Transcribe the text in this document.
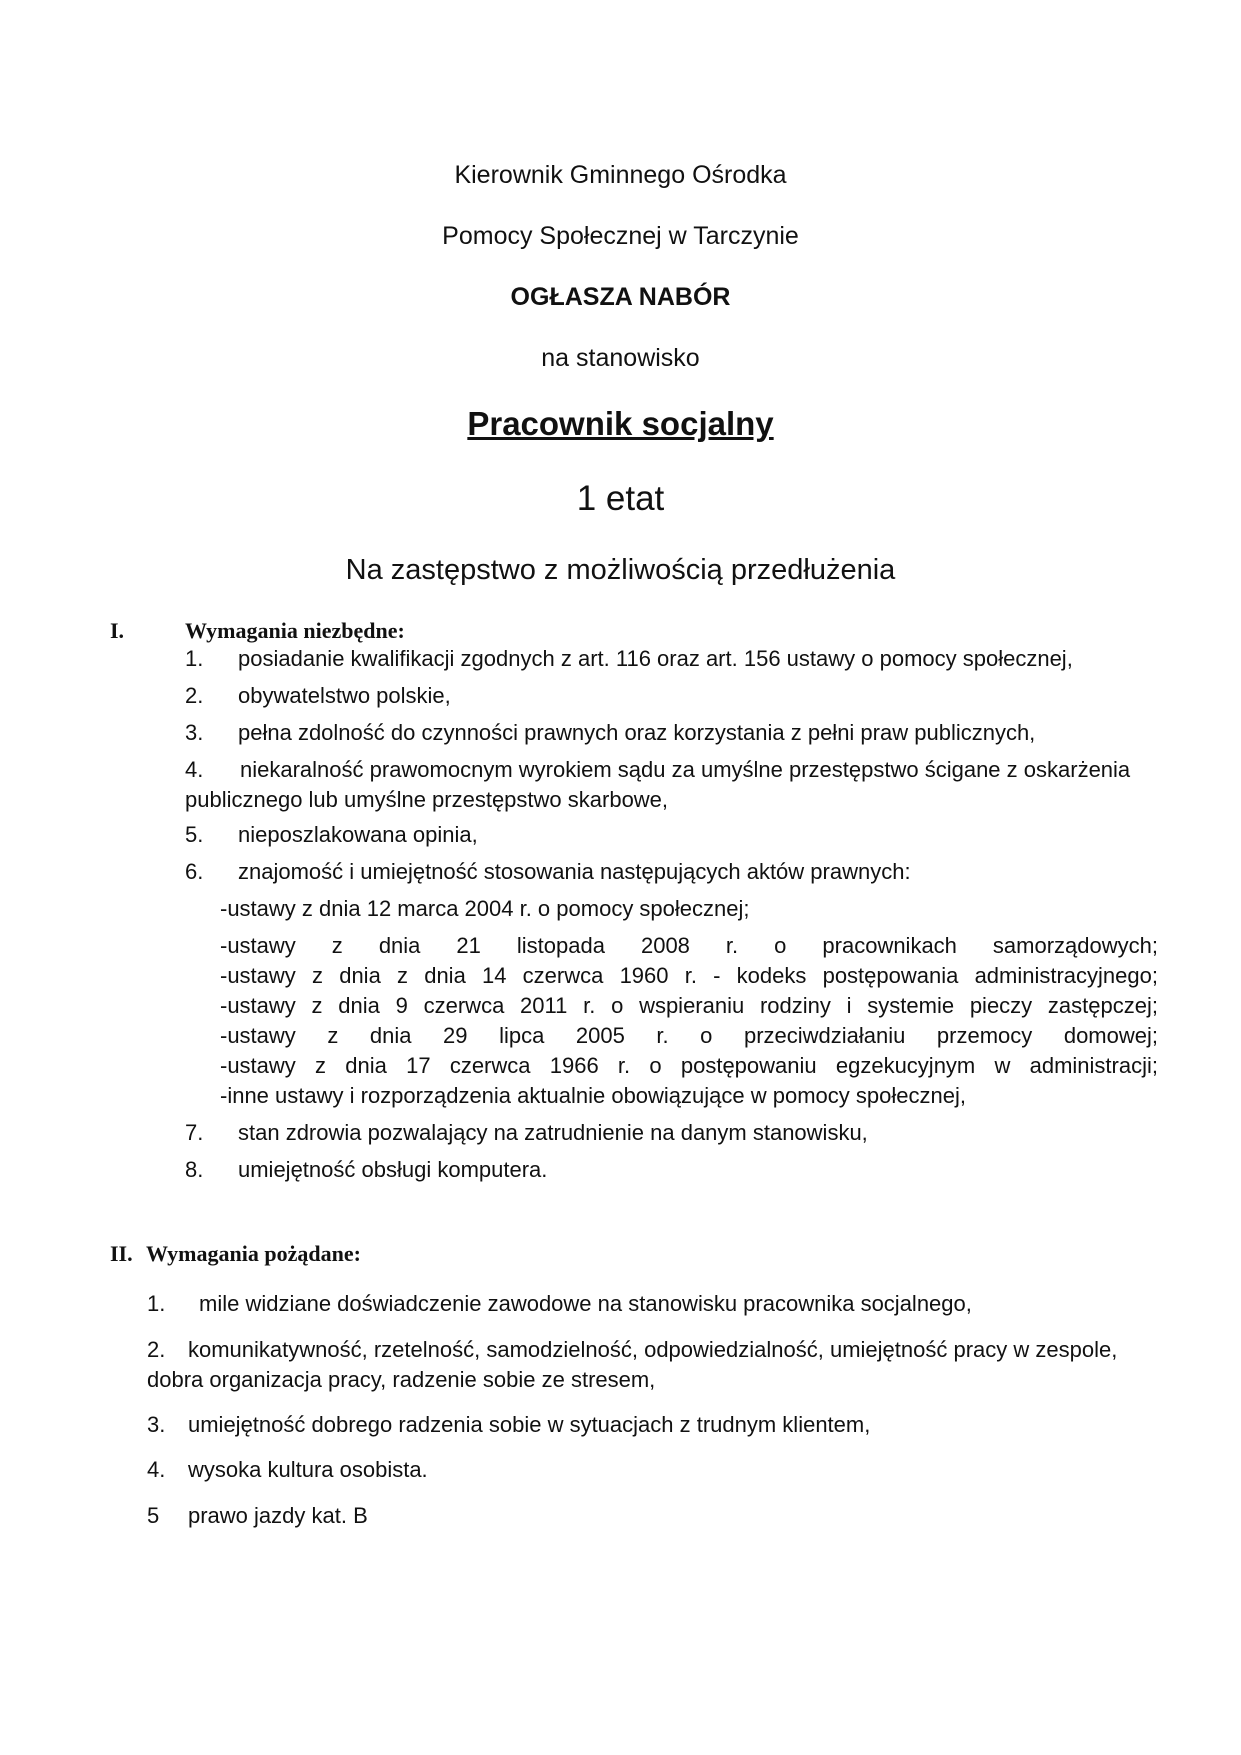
Kierownik Gminnego Ośrodka
Pomocy Społecznej w Tarczynie
OGŁASZA NABÓR
na stanowisko
Pracownik socjalny
1 etat
Na zastępstwo z możliwością przedłużenia
I.	Wymagania niezbędne:
1. posiadanie kwalifikacji zgodnych z art. 116 oraz art. 156 ustawy o pomocy społecznej,
2. obywatelstwo polskie,
3. pełna zdolność do czynności prawnych oraz korzystania z pełni praw publicznych,
4. niekaralność prawomocnym wyrokiem sądu za umyślne przestępstwo ścigane z oskarżenia
publicznego lub umyślne przestępstwo skarbowe,
5. nieposzlakowana opinia,
6. znajomość i umiejętność stosowania następujących aktów prawnych:
-ustawy z dnia 12 marca 2004 r. o pomocy społecznej;
-ustawy z dnia 21 listopada 2008 r. o pracownikach samorządowych;
-ustawy z dnia z dnia 14 czerwca 1960 r. - kodeks postępowania administracyjnego;
-ustawy z dnia 9 czerwca 2011 r. o wspieraniu rodziny i systemie pieczy zastępczej;
-ustawy z dnia 29 lipca 2005 r. o przeciwdziałaniu przemocy domowej;
-ustawy z dnia 17 czerwca 1966 r. o postępowaniu egzekucyjnym w administracji;
-inne ustawy i rozporządzenia aktualnie obowiązujące w pomocy społecznej,
7. stan zdrowia pozwalający na zatrudnienie na danym stanowisku,
8. umiejętność obsługi komputera.
II. Wymagania pożądane:
1. mile widziane doświadczenie zawodowe na stanowisku pracownika socjalnego,
2. komunikatywność, rzetelność, samodzielność, odpowiedzialność, umiejętność pracy w zespole,
dobra organizacja pracy, radzenie sobie ze stresem,
3. umiejętność dobrego radzenia sobie w sytuacjach z trudnym klientem,
4. wysoka kultura osobista.
5 prawo jazdy kat. B
